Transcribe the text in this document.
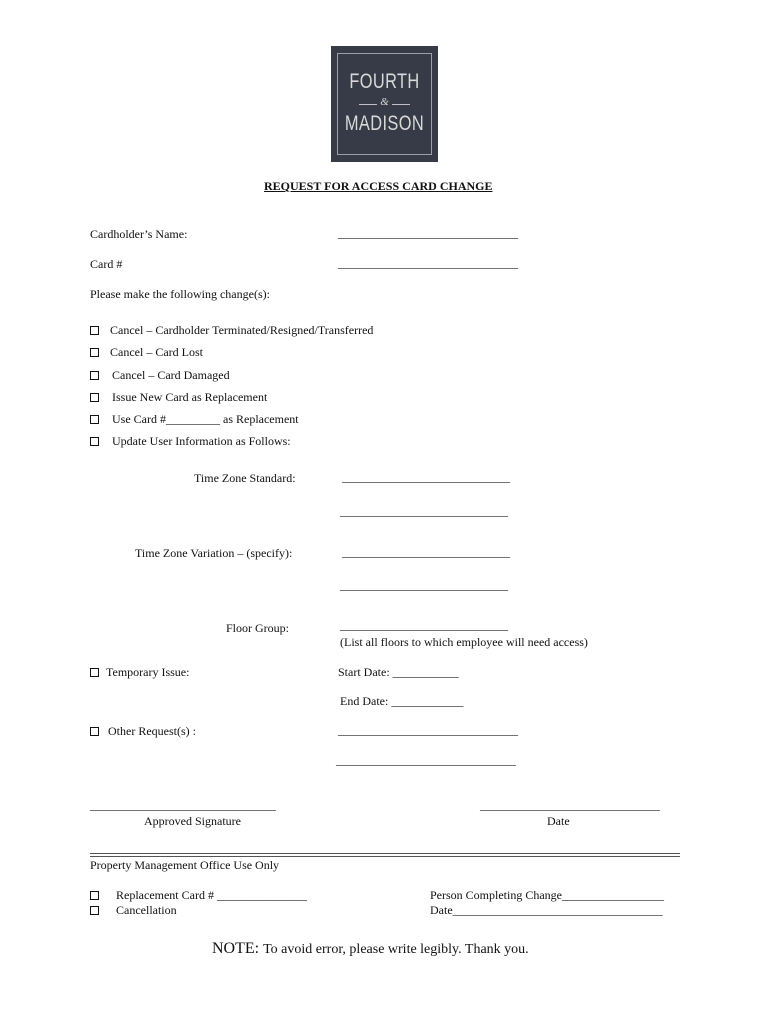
FOURTH
&
MADISON
REQUEST FOR ACCESS CARD CHANGE
Cardholder’s Name:	______________________________
Card #	______________________________
Please make the following change(s):
Cancel – Cardholder Terminated/Resigned/Transferred
Cancel – Card Lost
Cancel – Card Damaged
Issue New Card as Replacement
Use Card #_________ as Replacement
Update User Information as Follows:
Time Zone Standard:	____________________________
____________________________
Time Zone Variation – (specify):	____________________________
____________________________
Floor Group:	____________________________
(List all floors to which employee will need access)
Temporary Issue:	Start Date: ___________
End Date: ____________
Other Request(s) :	______________________________
______________________________
_______________________________
Approved Signature
______________________________
Date
Property Management Office Use Only
Replacement Card # _______________
Cancellation
Person Completing Change_________________
Date___________________________________
NOTE: To avoid error, please write legibly. Thank you.
